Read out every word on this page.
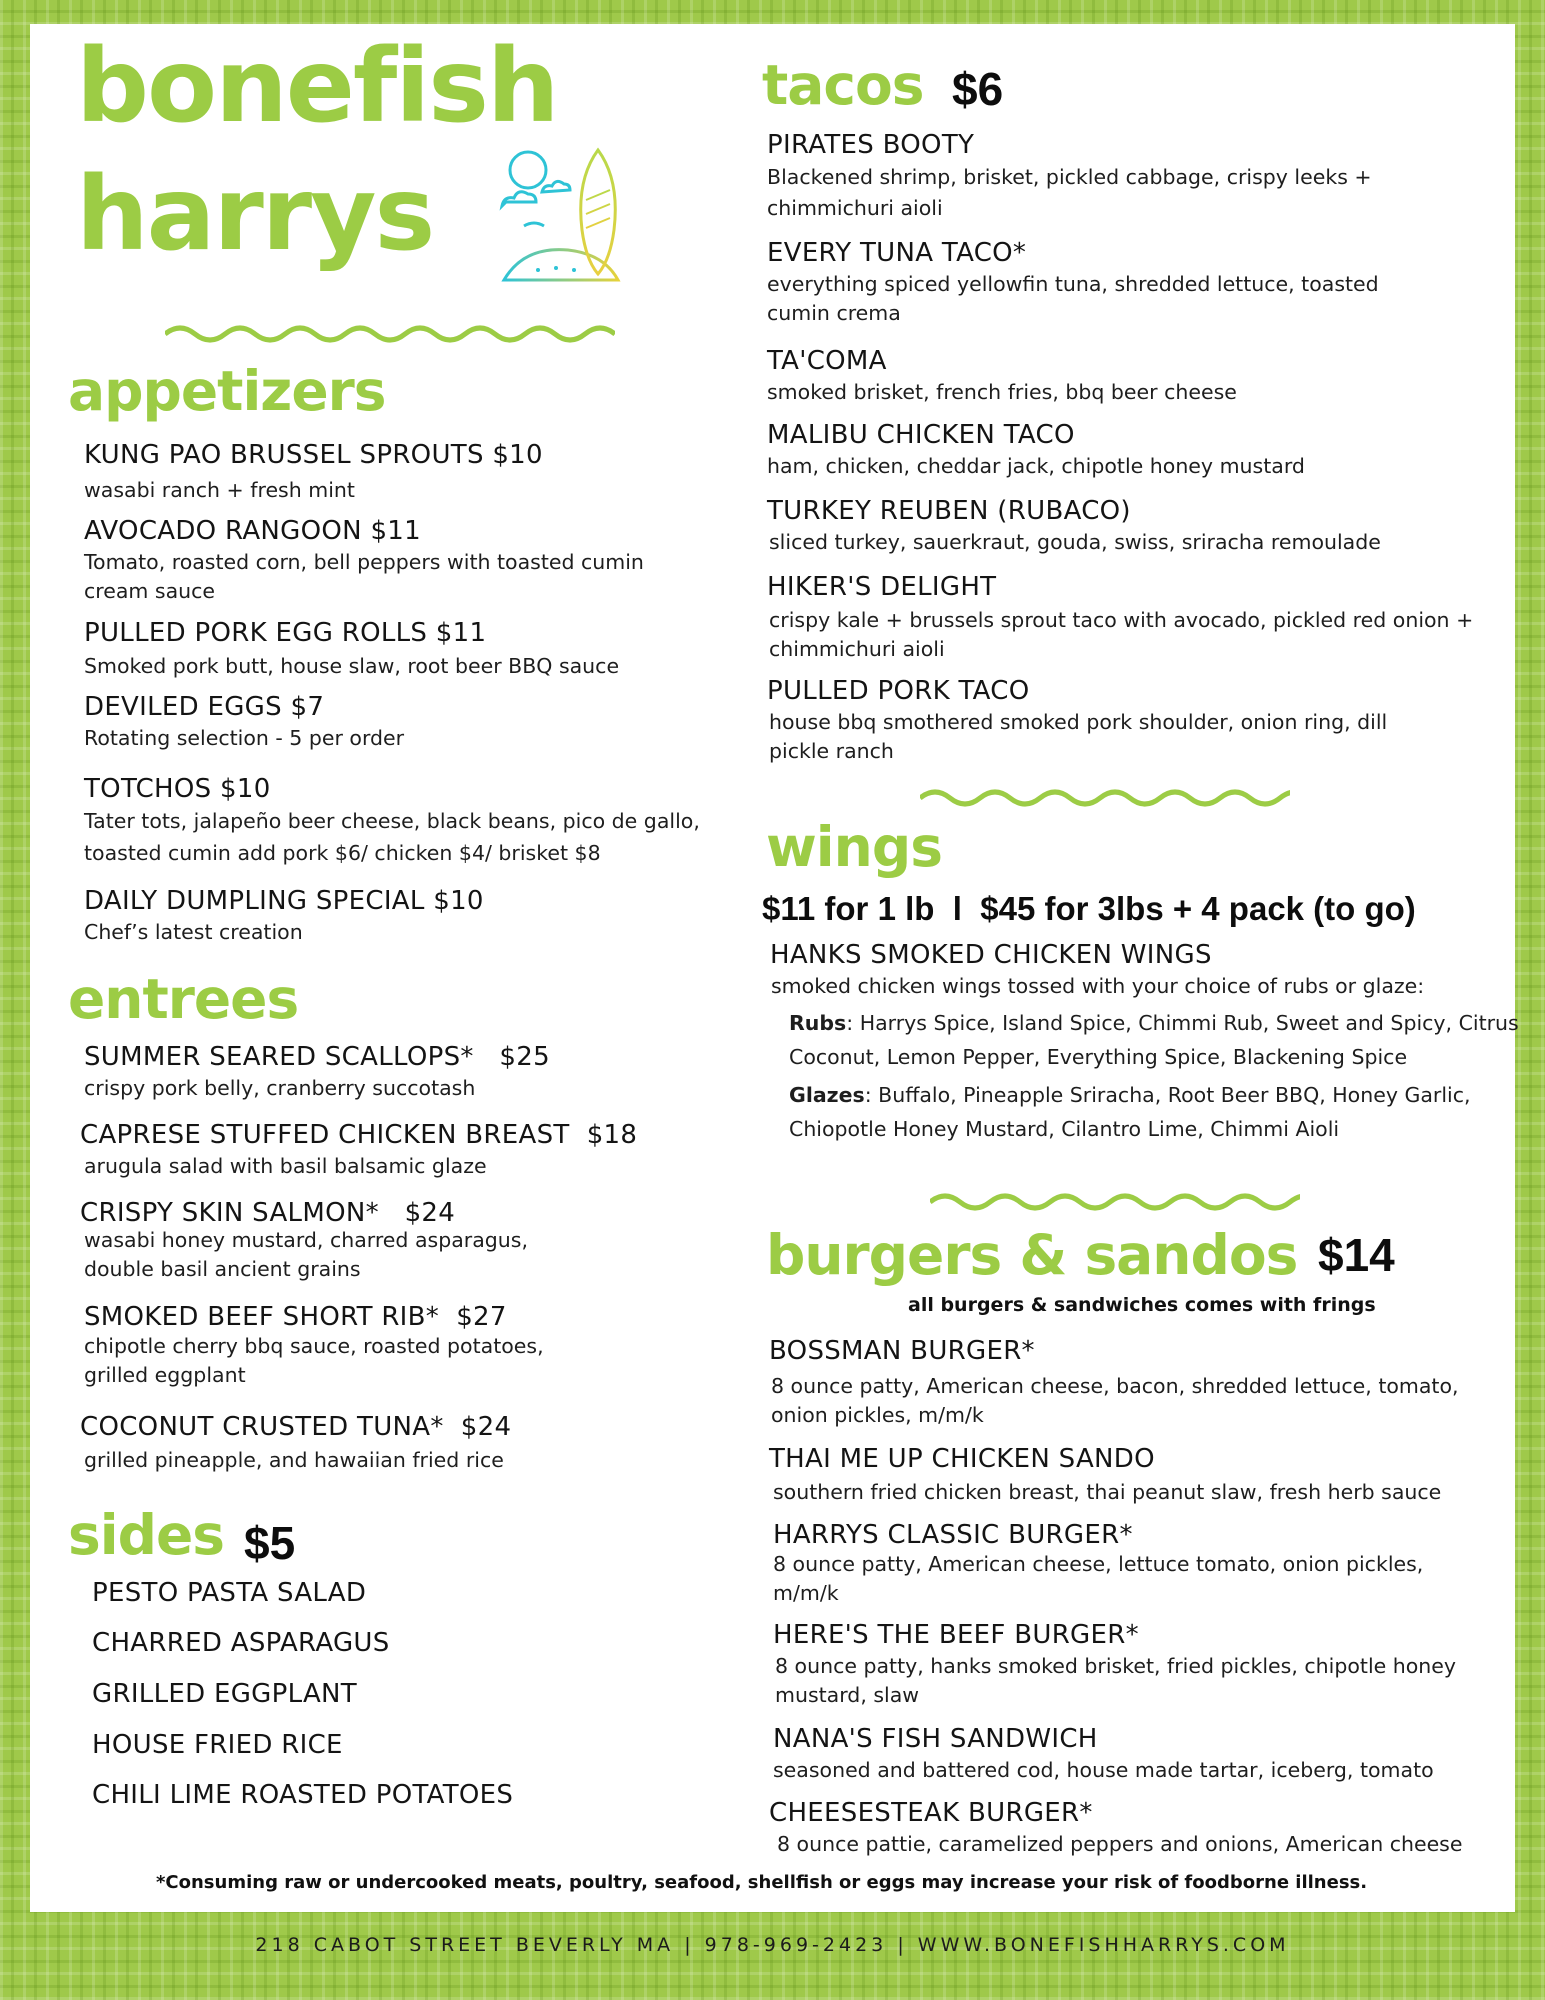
bonefish
harrys
appetizers
KUNG PAO BRUSSEL SPROUTS $10
wasabi ranch + fresh mint
AVOCADO RANGOON $11
Tomato, roasted corn, bell peppers with toasted cumin cream sauce
PULLED PORK EGG ROLLS $11
Smoked pork butt, house slaw, root beer BBQ sauce
DEVILED EGGS $7
Rotating selection - 5 per order
TOTCHOS $10
Tater tots, jalapeño beer cheese, black beans, pico de gallo, toasted cumin add pork $6/ chicken $4/ brisket $8
DAILY DUMPLING SPECIAL $10
Chef’s latest creation
entrees
SUMMER SEARED SCALLOPS*   $25
crispy pork belly, cranberry succotash
CAPRESE STUFFED CHICKEN BREAST  $18
arugula salad with basil balsamic glaze
CRISPY SKIN SALMON*   $24
wasabi honey mustard, charred asparagus, double basil ancient grains
SMOKED BEEF SHORT RIB*  $27
chipotle cherry bbq sauce, roasted potatoes, grilled eggplant
COCONUT CRUSTED TUNA*  $24
grilled pineapple, and hawaiian fried rice
sides $5
PESTO PASTA SALAD
CHARRED ASPARAGUS
GRILLED EGGPLANT
HOUSE FRIED RICE
CHILI LIME ROASTED POTATOES
tacos $6
PIRATES BOOTY
Blackened shrimp, brisket, pickled cabbage, crispy leeks + chimmichuri aioli
EVERY TUNA TACO*
everything spiced yellowfin tuna, shredded lettuce, toasted cumin crema
TA'COMA
smoked brisket, french fries, bbq beer cheese
MALIBU CHICKEN TACO
ham, chicken, cheddar jack, chipotle honey mustard
TURKEY REUBEN (RUBACO)
sliced turkey, sauerkraut, gouda, swiss, sriracha remoulade
HIKER'S DELIGHT
crispy kale + brussels sprout taco with avocado, pickled red onion + chimmichuri aioli
PULLED PORK TACO
house bbq smothered smoked pork shoulder, onion ring, dill pickle ranch
wings
$11 for 1 lb  l  $45 for 3lbs + 4 pack (to go)
HANKS SMOKED CHICKEN WINGS
smoked chicken wings tossed with your choice of rubs or glaze:
Rubs: Harrys Spice, Island Spice, Chimmi Rub, Sweet and Spicy, Citrus Coconut, Lemon Pepper, Everything Spice, Blackening Spice
Glazes: Buffalo, Pineapple Sriracha, Root Beer BBQ, Honey Garlic, Chiopotle Honey Mustard, Cilantro Lime, Chimmi Aioli
burgers & sandos $14
all burgers & sandwiches comes with frings
BOSSMAN BURGER*
8 ounce patty, American cheese, bacon, shredded lettuce, tomato, onion pickles, m/m/k
THAI ME UP CHICKEN SANDO
southern fried chicken breast, thai peanut slaw, fresh herb sauce
HARRYS CLASSIC BURGER*
8 ounce patty, American cheese, lettuce tomato, onion pickles, m/m/k
HERE'S THE BEEF BURGER*
8 ounce patty, hanks smoked brisket, fried pickles, chipotle honey mustard, slaw
NANA'S FISH SANDWICH
seasoned and battered cod, house made tartar, iceberg, tomato
CHEESESTEAK BURGER*
8 ounce pattie, caramelized peppers and onions, American cheese
*Consuming raw or undercooked meats, poultry, seafood, shellfish or eggs may increase your risk of foodborne illness.
218 CABOT STREET BEVERLY MA | 978-969-2423 | WWW.BONEFISHHARRYS.COM
